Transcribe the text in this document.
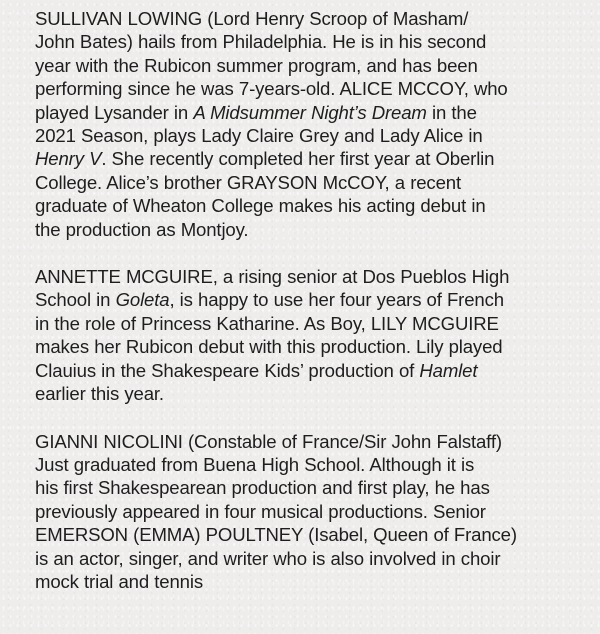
SULLIVAN LOWING (Lord Henry Scroop of Masham/
John Bates) hails from Philadelphia. He is in his second
year with the Rubicon summer program, and has been
performing since he was 7-years-old. ALICE MCCOY, who
played Lysander in A Midsummer Night’s Dream in the
2021 Season, plays Lady Claire Grey and Lady Alice in
Henry V. She recently completed her first year at Oberlin
College. Alice’s brother GRAYSON McCOY, a recent
graduate of Wheaton College makes his acting debut in
the production as Montjoy.

ANNETTE MCGUIRE, a rising senior at Dos Pueblos High
School in Goleta, is happy to use her four years of French
in the role of Princess Katharine. As Boy, LILY MCGUIRE
makes her Rubicon debut with this production. Lily played
Clauius in the Shakespeare Kids’ production of Hamlet
earlier this year.

GIANNI NICOLINI (Constable of France/Sir John Falstaff)
Just graduated from Buena High School. Although it is
his first Shakespearean production and first play, he has
previously appeared in four musical productions. Senior
EMERSON (EMMA) POULTNEY (Isabel, Queen of France)
is an actor, singer, and writer who is also involved in choir
mock trial and tennis
